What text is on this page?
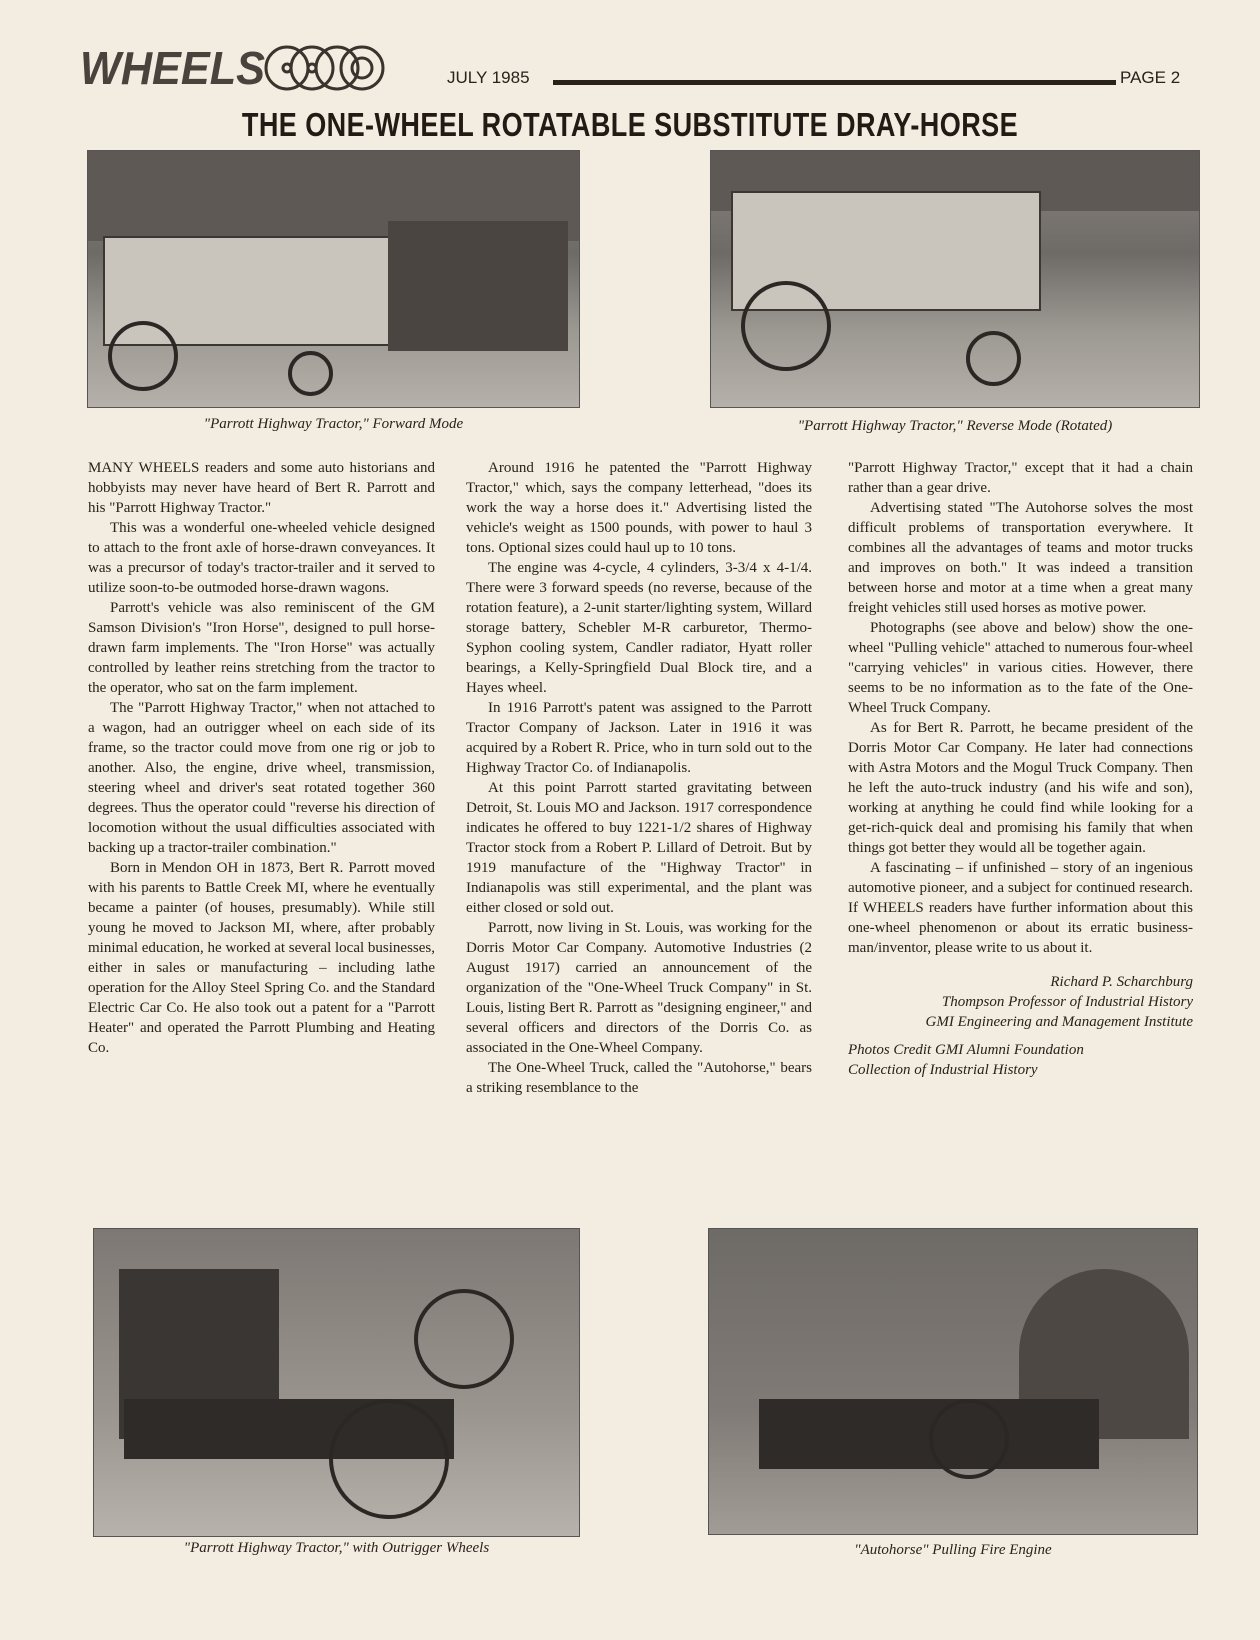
WHEELS	JULY 1985	PAGE 2
THE ONE-WHEEL ROTATABLE SUBSTITUTE DRAY-HORSE
"Parrott Highway Tractor," Forward Mode	"Parrott Highway Tractor," Reverse Mode (Rotated)

MANY WHEELS readers and some auto historians and hobbyists may never have heard of Bert R. Parrott and his "Parrott Highway Tractor."

This was a wonderful one-wheeled vehicle designed to attach to the front axle of horse-drawn conveyances. It was a precursor of today's tractor-trailer and it served to utilize soon-to-be outmoded horse-drawn wagons.

Parrott's vehicle was also reminiscent of the GM Samson Division's "Iron Horse", designed to pull horse-drawn farm implements. The "Iron Horse" was actually controlled by leather reins stretching from the tractor to the operator, who sat on the farm implement.

The "Parrott Highway Tractor," when not attached to a wagon, had an outrigger wheel on each side of its frame, so the tractor could move from one rig or job to another. Also, the engine, drive wheel, transmission, steering wheel and driver's seat rotated together 360 degrees. Thus the operator could "reverse his direction of locomotion without the usual difficulties associated with backing up a tractor-trailer combination."

Born in Mendon OH in 1873, Bert R. Parrott moved with his parents to Battle Creek MI, where he eventually became a painter (of houses, presumably). While still young he moved to Jackson MI, where, after probably minimal education, he worked at several local businesses, either in sales or manufacturing – including lathe operation for the Alloy Steel Spring Co. and the Standard Electric Car Co. He also took out a patent for a "Parrott Heater" and operated the Parrott Plumbing and Heating Co.

Around 1916 he patented the "Parrott Highway Tractor," which, says the company letterhead, "does its work the way a horse does it." Advertising listed the vehicle's weight as 1500 pounds, with power to haul 3 tons. Optional sizes could haul up to 10 tons.

The engine was 4-cycle, 4 cylinders, 3-3/4 x 4-1/4. There were 3 forward speeds (no reverse, because of the rotation feature), a 2-unit starter/lighting system, Willard storage battery, Schebler M-R carburetor, Thermo-Syphon cooling system, Candler radiator, Hyatt roller bearings, a Kelly-Springfield Dual Block tire, and a Hayes wheel.

In 1916 Parrott's patent was assigned to the Parrott Tractor Company of Jackson. Later in 1916 it was acquired by a Robert R. Price, who in turn sold out to the Highway Tractor Co. of Indianapolis.

At this point Parrott started gravitating between Detroit, St. Louis MO and Jackson. 1917 correspondence indicates he offered to buy 1221-1/2 shares of Highway Tractor stock from a Robert P. Lillard of Detroit. But by 1919 manufacture of the "Highway Tractor" in Indianapolis was still experimental, and the plant was either closed or sold out.

Parrott, now living in St. Louis, was working for the Dorris Motor Car Company. Automotive Industries (2 August 1917) carried an announcement of the organization of the "One-Wheel Truck Company" in St. Louis, listing Bert R. Parrott as "designing engineer," and several officers and directors of the Dorris Co. as associated in the One-Wheel Company.

The One-Wheel Truck, called the "Autohorse," bears a striking resemblance to the

"Parrott Highway Tractor," except that it had a chain rather than a gear drive.

Advertising stated "The Autohorse solves the most difficult problems of transportation everywhere. It combines all the advantages of teams and motor trucks and improves on both." It was indeed a transition between horse and motor at a time when a great many freight vehicles still used horses as motive power.

Photographs (see above and below) show the one-wheel "Pulling vehicle" attached to numerous four-wheel "carrying vehicles" in various cities. However, there seems to be no information as to the fate of the One-Wheel Truck Company.

As for Bert R. Parrott, he became president of the Dorris Motor Car Company. He later had connections with Astra Motors and the Mogul Truck Company. Then he left the auto-truck industry (and his wife and son), working at anything he could find while looking for a get-rich-quick deal and promising his family that when things got better they would all be together again.

A fascinating – if unfinished – story of an ingenious automotive pioneer, and a subject for continued research. If WHEELS readers have further information about this one-wheel phenomenon or about its erratic business-man/inventor, please write to us about it.

Richard P. Scharchburg
Thompson Professor of Industrial History
GMI Engineering and Management Institute
Photos Credit GMI Alumni Foundation
Collection of Industrial History
"Parrott Highway Tractor," with Outrigger Wheels	"Autohorse" Pulling Fire Engine
